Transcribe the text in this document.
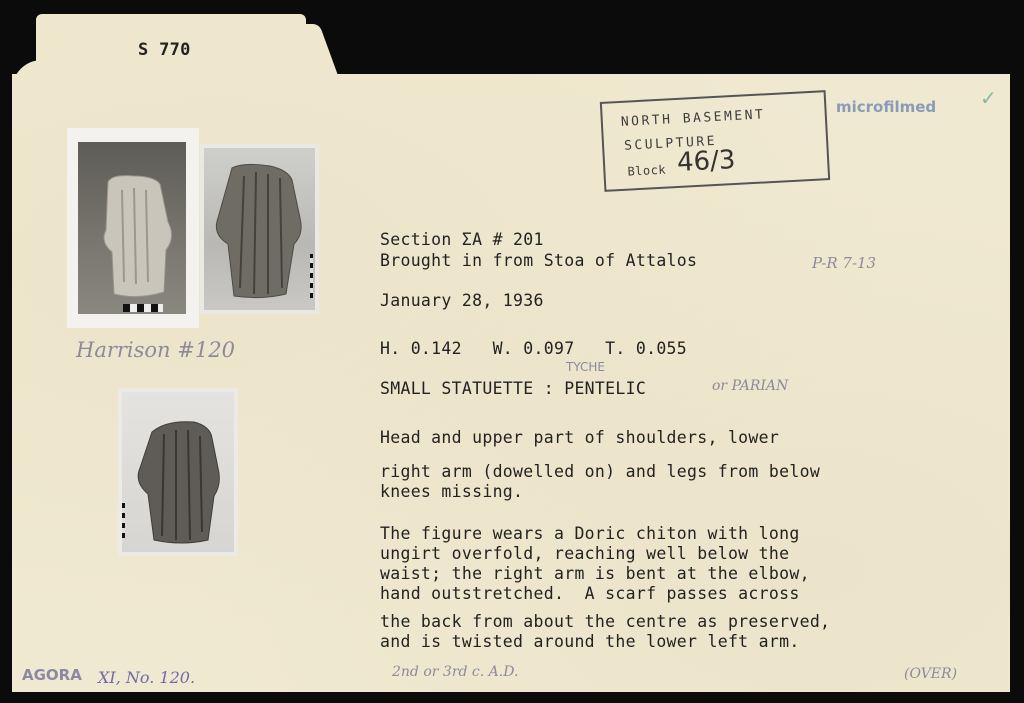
S 770
NORTH BASEMENT
SCULPTURE
Block 46/3
microfilmed ✓
Section ΣA # 201
Brought in from Stoa of Attalos	P-R 7-13
January 28, 1936
H. 0.142   W. 0.097   T. 0.055
TYCHE
SMALL STATUETTE : PENTELIC	or PARIAN
Head and upper part of shoulders, lower
right arm (dowelled on) and legs from below
knees missing.
The figure wears a Doric chiton with long
ungirt overfold, reaching well below the
waist; the right arm is bent at the elbow,
hand outstretched.  A scarf passes across
the back from about the centre as preserved,
and is twisted around the lower left arm.
Harrison #120
AGORA XI, No. 120.	2nd or 3rd c. A.D.	(OVER)
